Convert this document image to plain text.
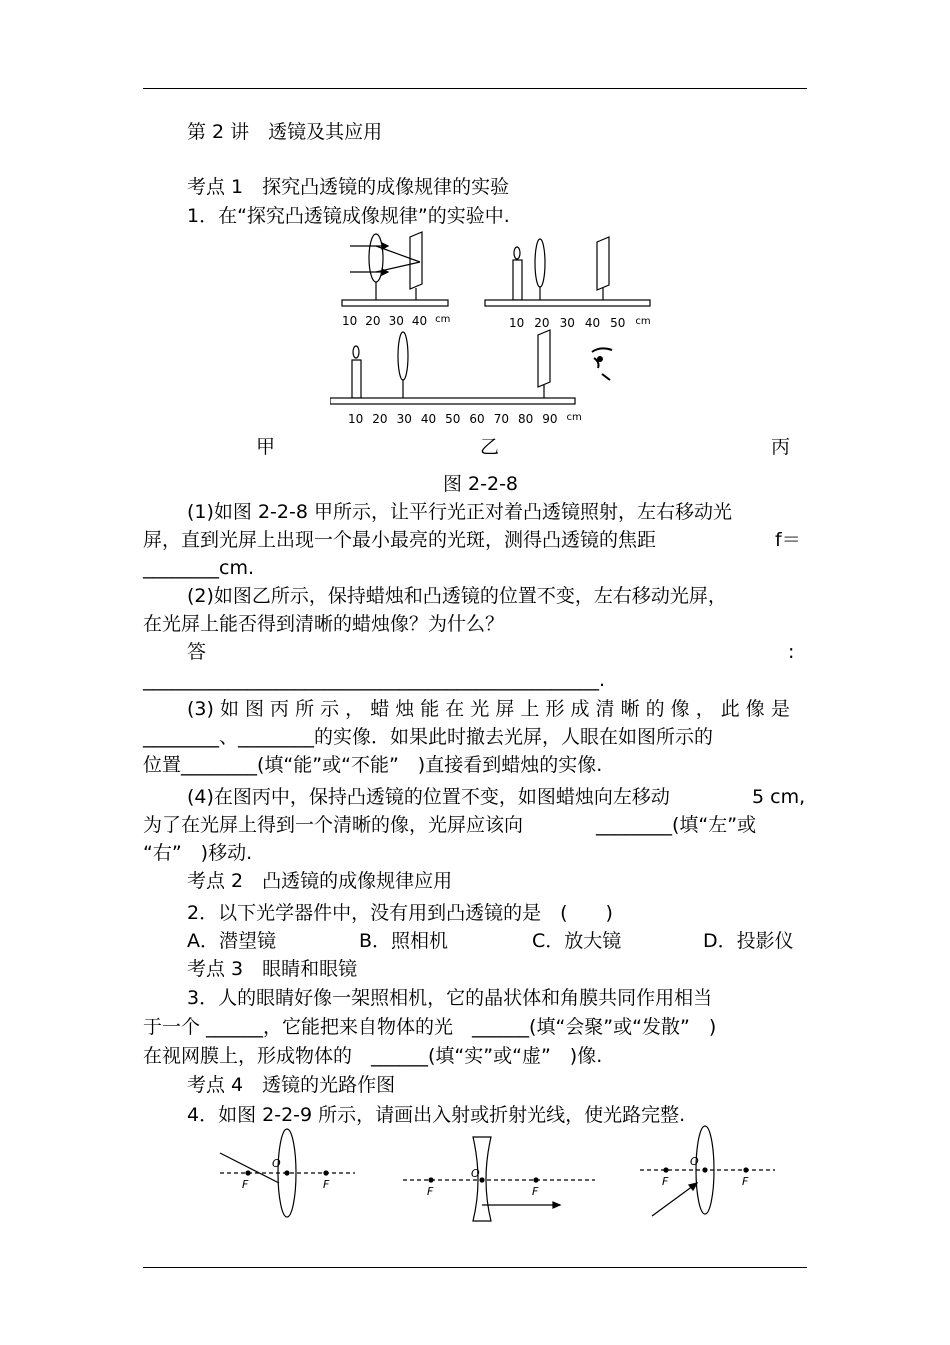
第 2 讲　透镜及其应用
考点 1　探究凸透镜的成像规律的实验
1．在“探究凸透镜成像规律”的实验中.
10 20 30 40 cm	10 20 30 40 50 cm
10 20 30 40 50 60 70 80 90 cm
甲	乙	丙
图 2-2-8
(1)如图 2-2-8 甲所示，让平行光正对着凸透镜照射，左右移动光
屏，直到光屏上出现一个最小最亮的光斑，测得凸透镜的焦距	f＝
________cm.
(2)如图乙所示，保持蜡烛和凸透镜的位置不变，左右移动光屏，
在光屏上能否得到清晰的蜡烛像？为什么？
答	:
________________________________________________.
(3) 如 图 丙 所 示 ， 蜡 烛 能 在 光 屏 上 形 成 清 晰 的 像 ， 此 像 是
________、________的实像．如果此时撤去光屏，人眼在如图所示的
位置________(填“能”或“不能”　)直接看到蜡烛的实像.
(4)在图丙中，保持凸透镜的位置不变，如图蜡烛向左移动	5 cm,
为了在光屏上得到一个清晰的像，光屏应该向	________(填“左”或
“右”　)移动.
考点 2　凸透镜的成像规律应用
2．以下光学器件中，没有用到凸透镜的是　(　　)
A．潜望镜	B．照相机	C．放大镜	D．投影仪
考点 3　眼睛和眼镜
3．人的眼睛好像一架照相机，它的晶状体和角膜共同作用相当
于一个 ______，它能把来自物体的光　______(填“会聚”或“发散”　)
在视网膜上，形成物体的　______(填“实”或“虚”　)像.
考点 4　透镜的光路作图
4．如图 2-2-9 所示，请画出入射或折射光线，使光路完整.
O
F	F
O
F	F
O
F	F
